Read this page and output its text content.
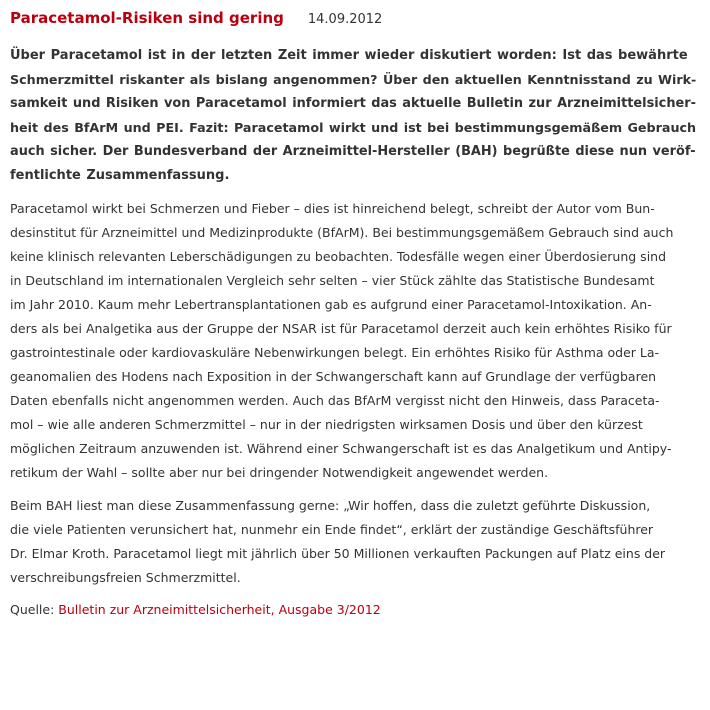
Paracetamol-Risiken sind gering 14.09.2012

Über Paracetamol ist in der letzten Zeit immer wieder diskutiert worden: Ist das bewährte
Schmerzmittel riskanter als bislang angenommen? Über den aktuellen Kenntnisstand zu Wirk-
samkeit und Risiken von Paracetamol informiert das aktuelle Bulletin zur Arzneimittelsicher-
heit des BfArM und PEI. Fazit: Paracetamol wirkt und ist bei bestimmungsgemäßem Gebrauch
auch sicher. Der Bundesverband der Arzneimittel-Hersteller (BAH) begrüßte diese nun veröf-
fentlichte Zusammenfassung.

Paracetamol wirkt bei Schmerzen und Fieber – dies ist hinreichend belegt, schreibt der Autor vom Bun-
desinstitut für Arzneimittel und Medizinprodukte (BfArM). Bei bestimmungsgemäßem Gebrauch sind auch
keine klinisch relevanten Leberschädigungen zu beobachten. Todesfälle wegen einer Überdosierung sind
in Deutschland im internationalen Vergleich sehr selten – vier Stück zählte das Statistische Bundesamt
im Jahr 2010. Kaum mehr Lebertransplantationen gab es aufgrund einer Paracetamol-Intoxikation. An-
ders als bei Analgetika aus der Gruppe der NSAR ist für Paracetamol derzeit auch kein erhöhtes Risiko für
gastrointestinale oder kardiovaskuläre Nebenwirkungen belegt. Ein erhöhtes Risiko für Asthma oder La-
geanomalien des Hodens nach Exposition in der Schwangerschaft kann auf Grundlage der verfügbaren
Daten ebenfalls nicht angenommen werden. Auch das BfArM vergisst nicht den Hinweis, dass Paraceta-
mol – wie alle anderen Schmerzmittel – nur in der niedrigsten wirksamen Dosis und über den kürzest
möglichen Zeitraum anzuwenden ist. Während einer Schwangerschaft ist es das Analgetikum und Antipy-
retikum der Wahl – sollte aber nur bei dringender Notwendigkeit angewendet werden.

Beim BAH liest man diese Zusammenfassung gerne: „Wir hoffen, dass die zuletzt geführte Diskussion,
die viele Patienten verunsichert hat, nunmehr ein Ende findet“, erklärt der zuständige Geschäftsführer
Dr. Elmar Kroth. Paracetamol liegt mit jährlich über 50 Millionen verkauften Packungen auf Platz eins der
verschreibungsfreien Schmerzmittel.

Quelle: Bulletin zur Arzneimittelsicherheit, Ausgabe 3/2012
